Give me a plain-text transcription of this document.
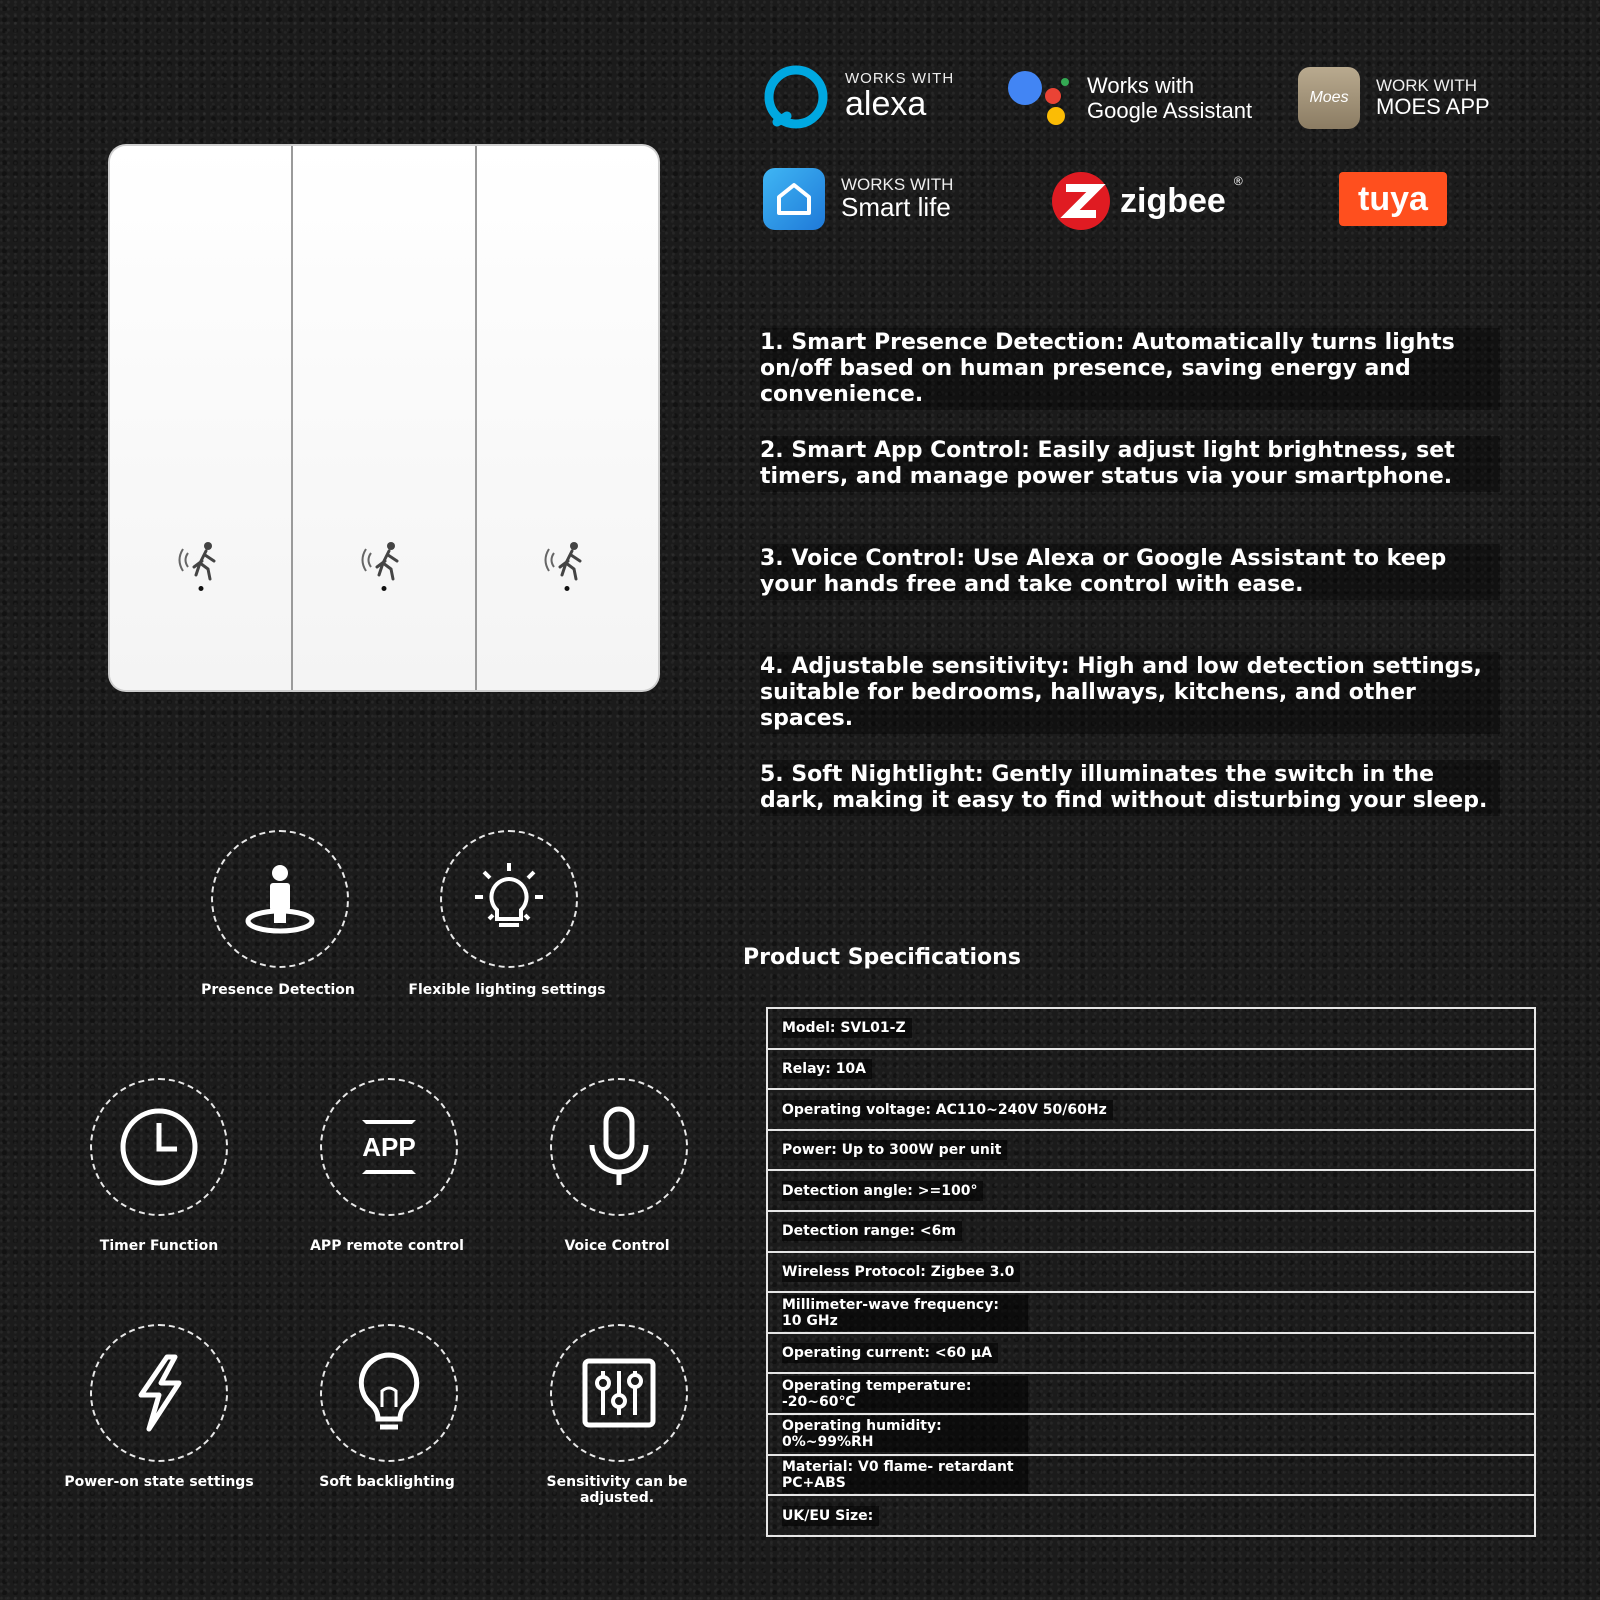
WORKS WITH
alexa	Works with
Google Assistant
Moes
WORK WITH
MOES APP
WORKS WITH
Smart life	zigbee
®	tuya
1. Smart Presence Detection: Automatically turns lights on/off based on human presence, saving energy and convenience.
2. Smart App Control: Easily adjust light brightness, set timers, and manage power status via your smartphone.
3. Voice Control: Use Alexa or Google Assistant to keep your hands free and take control with ease.
4. Adjustable sensitivity: High and low detection settings, suitable for bedrooms, hallways, kitchens, and other spaces.
5. Soft Nightlight: Gently illuminates the switch in the dark, making it easy to find without disturbing your sleep.
Presence Detection	Flexible lighting settings
Timer Function
APP
APP remote control	Voice Control
Power-on state settings	Soft backlighting	Sensitivity can be adjusted.
Product Specifications
Model: SVL01-Z
Relay: 10A
Operating voltage: AC110~240V 50/60Hz
Power: Up to 300W per unit
Detection angle: >=100°
Detection range: <6m
Wireless Protocol: Zigbee 3.0
Millimeter-wave frequency: 10 GHz
Operating current: <60 μA
Operating temperature: -20~60℃
Operating humidity: 0%~99%RH
Material: V0 flame- retardant PC+ABS
UK/EU Size:
